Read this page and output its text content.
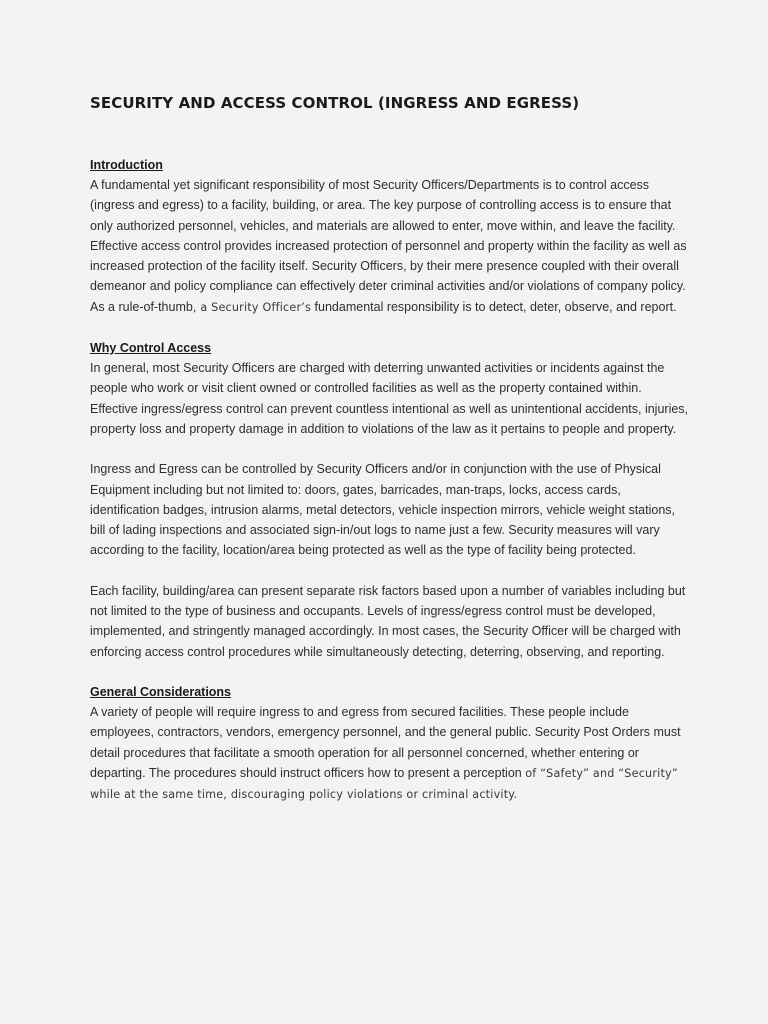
SECURITY AND ACCESS CONTROL (INGRESS AND EGRESS)
Introduction

A fundamental yet significant responsibility of most Security Officers/Departments is to control access (ingress and egress) to a facility, building, or area. The key purpose of controlling access is to ensure that only authorized personnel, vehicles, and materials are allowed to enter, move within, and leave the facility. Effective access control provides increased protection of personnel and property within the facility as well as increased protection of the facility itself. Security Officers, by their mere presence coupled with their overall demeanor and policy compliance can effectively deter criminal activities and/or violations of company policy. As a rule-of-thumb, a Security Officer’s fundamental responsibility is to detect, deter, observe, and report.

Why Control Access

In general, most Security Officers are charged with deterring unwanted activities or incidents against the people who work or visit client owned or controlled facilities as well as the property contained within. Effective ingress/egress control can prevent countless intentional as well as unintentional accidents, injuries, property loss and property damage in addition to violations of the law as it pertains to people and property.

Ingress and Egress can be controlled by Security Officers and/or in conjunction with the use of Physical Equipment including but not limited to: doors, gates, barricades, man-traps, locks, access cards, identification badges, intrusion alarms, metal detectors, vehicle inspection mirrors, vehicle weight stations, bill of lading inspections and associated sign-in/out logs to name just a few. Security measures will vary according to the facility, location/area being protected as well as the type of facility being protected.

Each facility, building/area can present separate risk factors based upon a number of variables including but not limited to the type of business and occupants. Levels of ingress/egress control must be developed, implemented, and stringently managed accordingly. In most cases, the Security Officer will be charged with enforcing access control procedures while simultaneously detecting, deterring, observing, and reporting.

General Considerations

A variety of people will require ingress to and egress from secured facilities. These people include employees, contractors, vendors, emergency personnel, and the general public. Security Post Orders must detail procedures that facilitate a smooth operation for all personnel concerned, whether entering or departing. The procedures should instruct officers how to present a perception of “Safety” and “Security” while at the same time, discouraging policy violations or criminal activity.
